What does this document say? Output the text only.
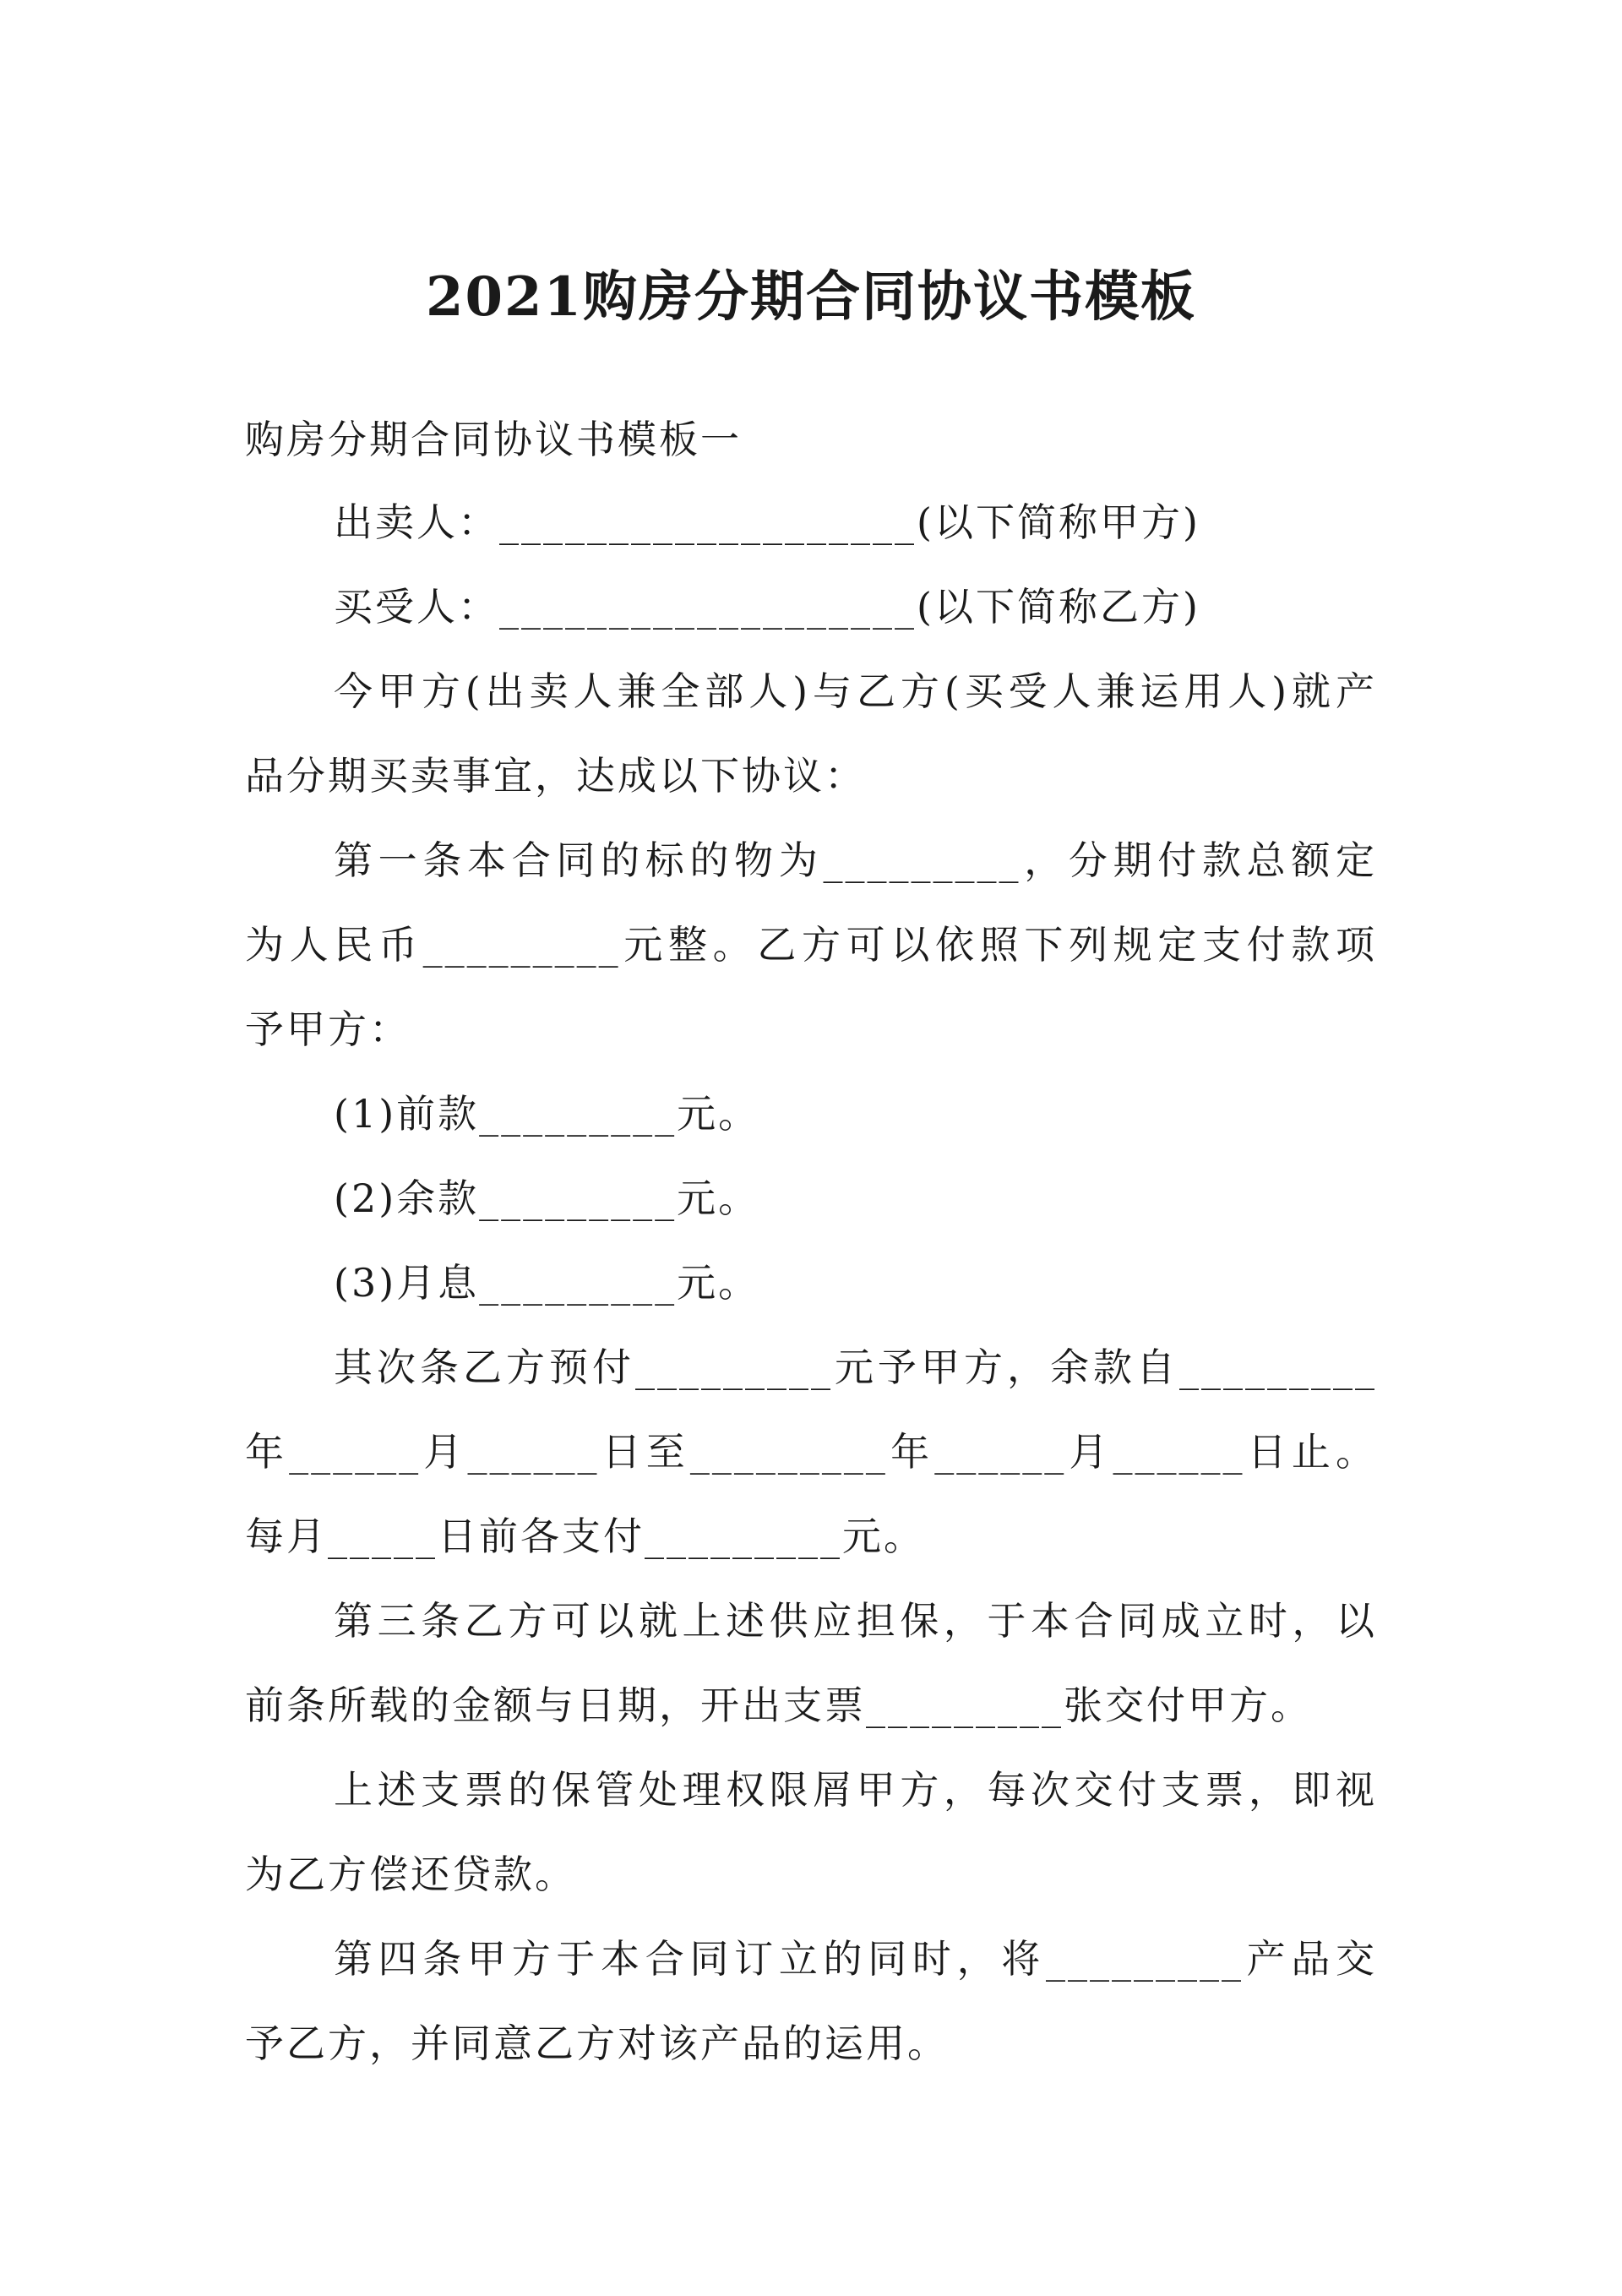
2021购房分期合同协议书模板
购房分期合同协议书模板一
出卖人：___________________(以下简称甲方)
买受人：___________________(以下简称乙方)
今甲方(出卖人兼全部人)与乙方(买受人兼运用人)就产
品分期买卖事宜，达成以下协议：
第一条本合同的标的物为_________，分期付款总额定
为人民币_________元整。乙方可以依照下列规定支付款项
予甲方：
(1)前款_________元。
(2)余款_________元。
(3)月息_________元。
其次条乙方预付_________元予甲方，余款自_________
年______月______日至_________年______月______日止。
每月_____日前各支付_________元。
第三条乙方可以就上述供应担保，于本合同成立时，以
前条所载的金额与日期，开出支票_________张交付甲方。
上述支票的保管处理权限屑甲方，每次交付支票，即视
为乙方偿还贷款。
第四条甲方于本合同订立的同时，将_________产品交
予乙方，并同意乙方对该产品的运用。
